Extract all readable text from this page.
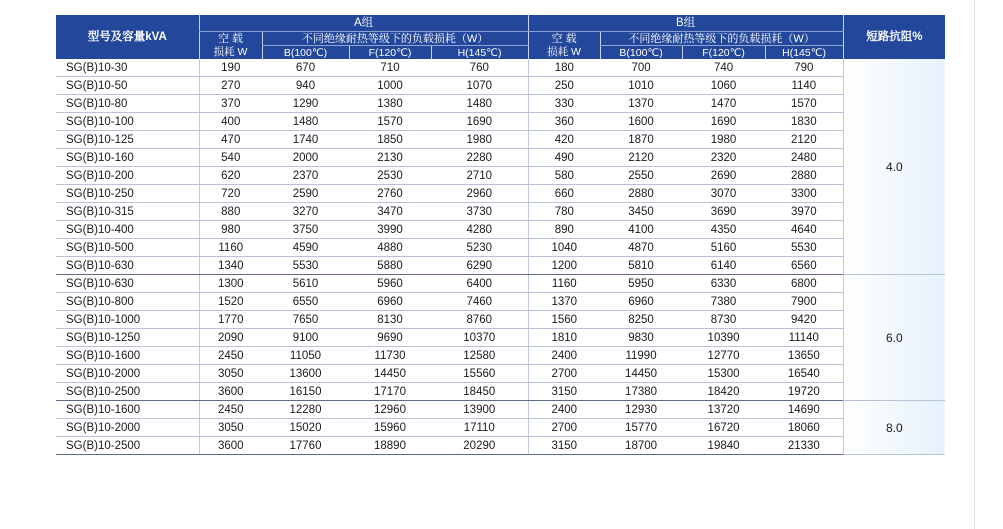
型号及容量kVA	A组				B组				短路抗阻%
	空 载	不同绝缘耐热等级下的负载损耗（W）			空 载	不同绝缘耐热等级下的负载损耗（W）			
	损耗 W	B(100℃)	F(120℃)	H(145℃)	损耗 W	B(100℃)	F(120℃)	H(145℃)	
SG(B)10-30	190	670	710	760	180	700	740	790	4.0
SG(B)10-50	270	940	1000	1070	250	1010	1060	1140	
SG(B)10-80	370	1290	1380	1480	330	1370	1470	1570	
SG(B)10-100	400	1480	1570	1690	360	1600	1690	1830	
SG(B)10-125	470	1740	1850	1980	420	1870	1980	2120	
SG(B)10-160	540	2000	2130	2280	490	2120	2320	2480	
SG(B)10-200	620	2370	2530	2710	580	2550	2690	2880	
SG(B)10-250	720	2590	2760	2960	660	2880	3070	3300	
SG(B)10-315	880	3270	3470	3730	780	3450	3690	3970	
SG(B)10-400	980	3750	3990	4280	890	4100	4350	4640	
SG(B)10-500	1160	4590	4880	5230	1040	4870	5160	5530	
SG(B)10-630	1340	5530	5880	6290	1200	5810	6140	6560	
SG(B)10-630	1300	5610	5960	6400	1160	5950	6330	6800	6.0
SG(B)10-800	1520	6550	6960	7460	1370	6960	7380	7900	
SG(B)10-1000	1770	7650	8130	8760	1560	8250	8730	9420	
SG(B)10-1250	2090	9100	9690	10370	1810	9830	10390	11140	
SG(B)10-1600	2450	11050	11730	12580	2400	11990	12770	13650	
SG(B)10-2000	3050	13600	14450	15560	2700	14450	15300	16540	
SG(B)10-2500	3600	16150	17170	18450	3150	17380	18420	19720	
SG(B)10-1600	2450	12280	12960	13900	2400	12930	13720	14690	8.0
SG(B)10-2000	3050	15020	15960	17110	2700	15770	16720	18060	
SG(B)10-2500	3600	17760	18890	20290	3150	18700	19840	21330	
